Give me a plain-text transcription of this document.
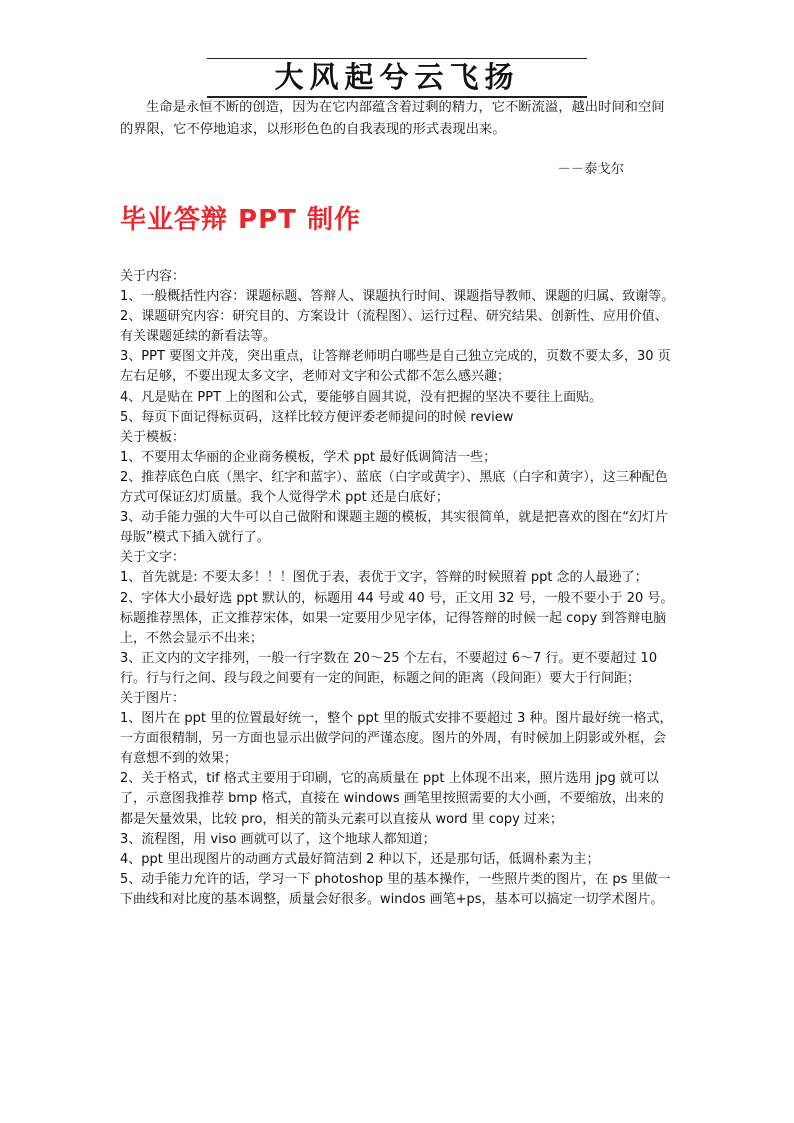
大风起兮云飞扬

生命是永恒不断的创造，因为在它内部蕴含着过剩的精力，它不断流溢，越出时间和空间的界限，它不停地追求，以形形色色的自我表现的形式表现出来。

－－泰戈尔
毕业答辩 PPT 制作

关于内容：

1、一般概括性内容：课题标题、答辩人、课题执行时间、课题指导教师、课题的归属、致谢等。

2、课题研究内容：研究目的、方案设计（流程图）、运行过程、研究结果、创新性、应用价值、有关课题延续的新看法等。

3、PPT 要图文并茂，突出重点，让答辩老师明白哪些是自己独立完成的，页数不要太多，30 页左右足够，不要出现太多文字，老师对文字和公式都不怎么感兴趣；

4、凡是贴在 PPT 上的图和公式，要能够自圆其说，没有把握的坚决不要往上面贴。

5、每页下面记得标页码，这样比较方便评委老师提问的时候 review

关于模板：

1、不要用太华丽的企业商务模板，学术 ppt 最好低调简洁一些；

2、推荐底色白底（黑字、红字和蓝字）、蓝底（白字或黄字）、黑底（白字和黄字），这三种配色方式可保证幻灯质量。我个人觉得学术 ppt 还是白底好；

3、动手能力强的大牛可以自己做附和课题主题的模板，其实很简单，就是把喜欢的图在“幻灯片母版”模式下插入就行了。

关于文字：

1、首先就是: 不要太多！！！图优于表，表优于文字，答辩的时候照着 ppt 念的人最逊了；

2、字体大小最好选 ppt 默认的，标题用 44 号或 40 号，正文用 32 号，一般不要小于 20 号。标题推荐黑体，正文推荐宋体，如果一定要用少见字体，记得答辩的时候一起 copy 到答辩电脑上，不然会显示不出来；

3、正文内的文字排列，一般一行字数在 20～25 个左右，不要超过 6～7 行。更不要超过 10 行。行与行之间、段与段之间要有一定的间距，标题之间的距离（段间距）要大于行间距；

关于图片：

1、图片在 ppt 里的位置最好统一，整个 ppt 里的版式安排不要超过 3 种。图片最好统一格式，一方面很精制，另一方面也显示出做学问的严谨态度。图片的外周，有时候加上阴影或外框，会有意想不到的效果；

2、关于格式，tif 格式主要用于印刷，它的高质量在 ppt 上体现不出来，照片选用 jpg 就可以了，示意图我推荐 bmp 格式，直接在 windows 画笔里按照需要的大小画，不要缩放，出来的都是矢量效果，比较 pro，相关的箭头元素可以直接从 word 里 copy 过来；

3、流程图，用 viso 画就可以了，这个地球人都知道；

4、ppt 里出现图片的动画方式最好简洁到 2 种以下，还是那句话，低调朴素为主；

5、动手能力允许的话，学习一下 photoshop 里的基本操作，一些照片类的图片，在 ps 里做一下曲线和对比度的基本调整，质量会好很多。windos 画笔+ps，基本可以搞定一切学术图片。
